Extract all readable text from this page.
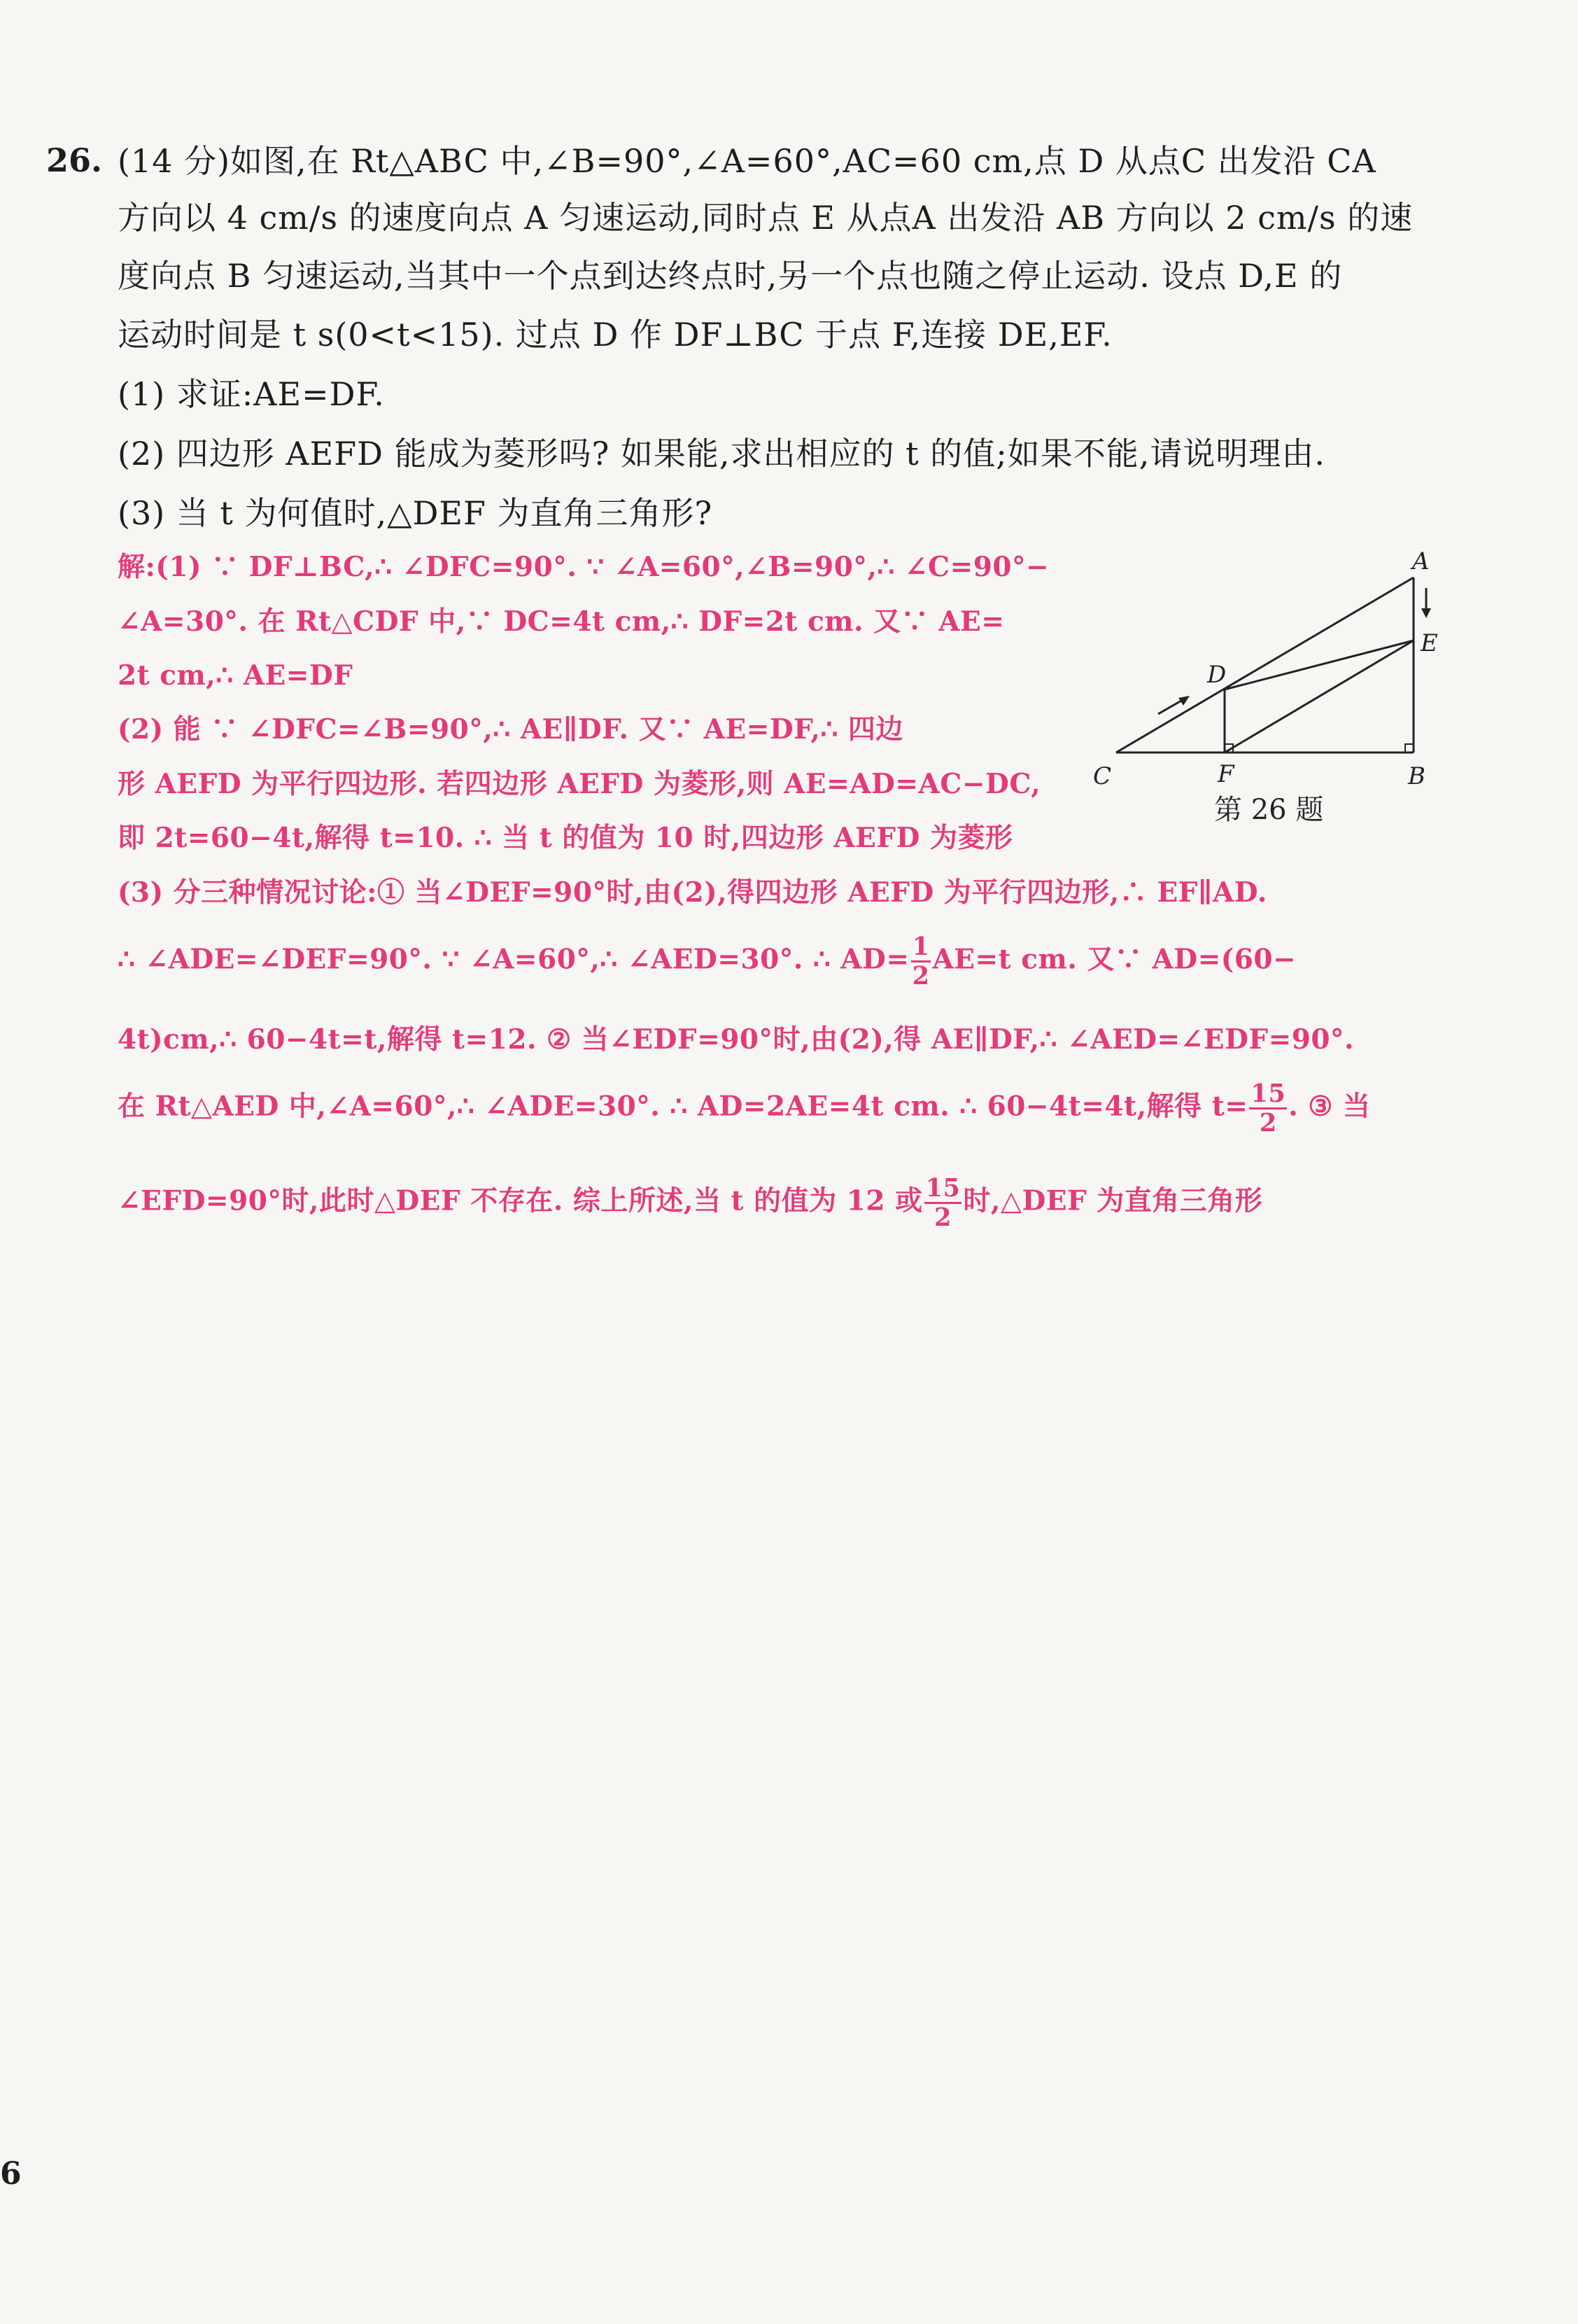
26. (14 分)如图,在 Rt△ABC 中,∠B=90°,∠A=60°,AC=60 cm,点 D 从点C 出发沿 CA
方向以 4 cm/s 的速度向点 A 匀速运动,同时点 E 从点A 出发沿 AB 方向以 2 cm/s 的速
度向点 B 匀速运动,当其中一个点到达终点时,另一个点也随之停止运动. 设点 D,E 的
运动时间是 t s(0<t<15). 过点 D 作 DF⊥BC 于点 F,连接 DE,EF.
(1) 求证:AE=DF.
(2) 四边形 AEFD 能成为菱形吗? 如果能,求出相应的 t 的值;如果不能,请说明理由.
(3) 当 t 为何值时,△DEF 为直角三角形?
解:(1) ∵ DF⊥BC,∴ ∠DFC=90°. ∵ ∠A=60°,∠B=90°,∴ ∠C=90°−
∠A=30°. 在 Rt△CDF 中,∵ DC=4t cm,∴ DF=2t cm. 又∵ AE=
2t cm,∴ AE=DF
(2) 能 ∵ ∠DFC=∠B=90°,∴ AE∥DF. 又∵ AE=DF,∴ 四边
形 AEFD 为平行四边形. 若四边形 AEFD 为菱形,则 AE=AD=AC−DC,
即 2t=60−4t,解得 t=10. ∴ 当 t 的值为 10 时,四边形 AEFD 为菱形
(3) 分三种情况讨论:① 当∠DEF=90°时,由(2),得四边形 AEFD 为平行四边形,∴ EF∥AD.
∴ ∠ADE=∠DEF=90°. ∵ ∠A=60°,∴ ∠AED=30°. ∴ $AD= \frac{1}{2} AE=t$ cm. 又∵ AD=(60−
4t)cm,∴ 60−4t=t,解得 t=12. ② 当∠EDF=90°时,由(2),得 AE∥DF,∴ ∠AED=∠EDF=90°.
在 Rt△AED 中,∠A=60°,∴ ∠ADE=30°. ∴ AD=2AE=4t cm. ∴ 60−4t=4t,解得 $t= \frac{15}{2}$ . ③ 当
∠EFD=90°时,此时△DEF 不存在. 综上所述,当 t 的值为 12 或 $\frac{15}{2}$ 时,△DEF 为直角三角形
A
B
C
D
E
F
第 26 题
6
